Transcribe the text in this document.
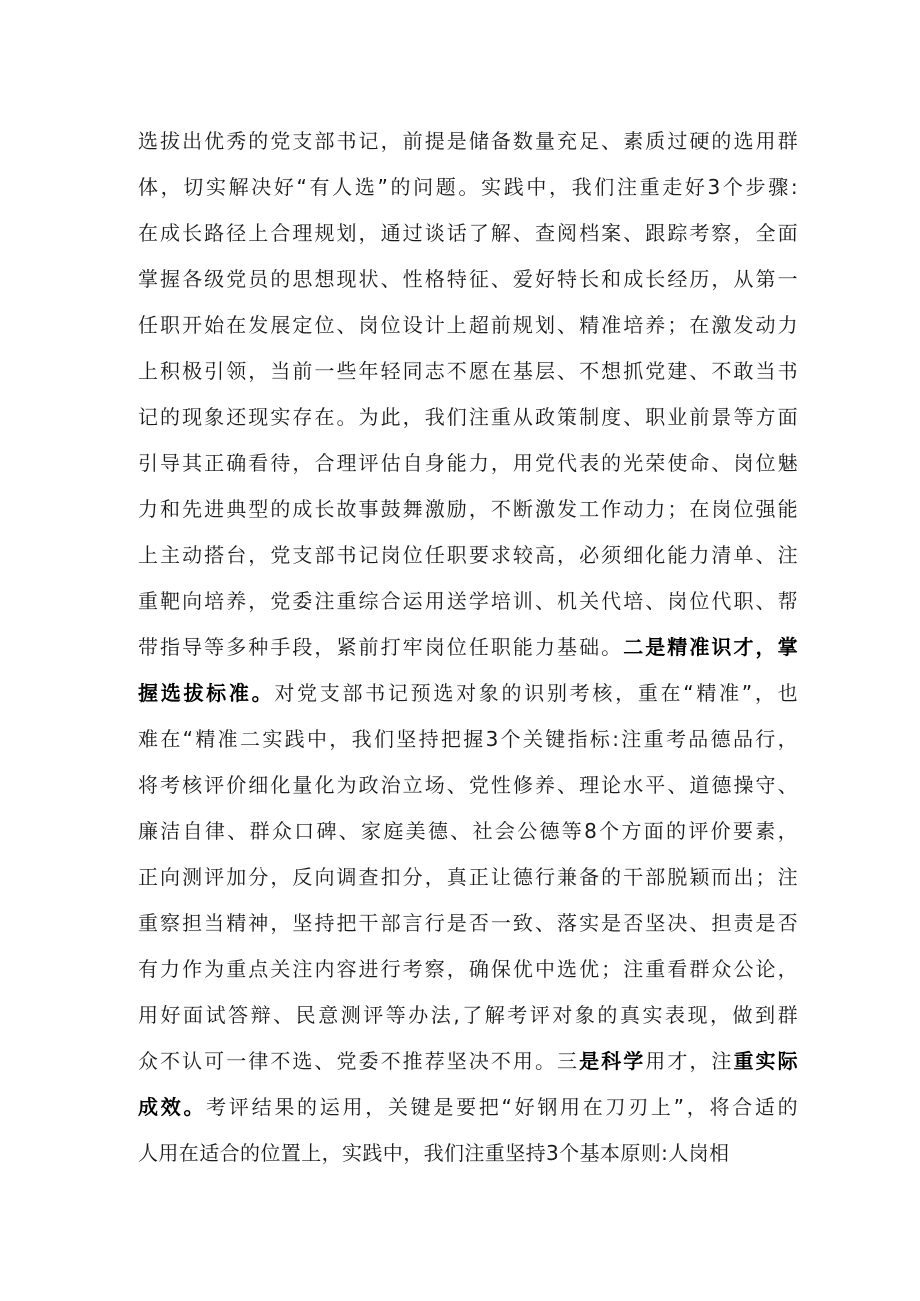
选拔出优秀的党支部书记，前提是储备数量充足、素质过硬的选用群
体，切实解决好“有人选”的问题。实践中，我们注重走好3个步骤:
在成长路径上合理规划，通过谈话了解、查阅档案、跟踪考察，全面
掌握各级党员的思想现状、性格特征、爱好特长和成长经历，从第一
任职开始在发展定位、岗位设计上超前规划、精准培养；在激发动力
上积极引领，当前一些年轻同志不愿在基层、不想抓党建、不敢当书
记的现象还现实存在。为此，我们注重从政策制度、职业前景等方面
引导其正确看待，合理评估自身能力，用党代表的光荣使命、岗位魅
力和先进典型的成长故事鼓舞激励，不断激发工作动力；在岗位强能
上主动搭台，党支部书记岗位任职要求较高，必须细化能力清单、注
重靶向培养，党委注重综合运用送学培训、机关代培、岗位代职、帮
带指导等多种手段，紧前打牢岗位任职能力基础。二是精准识才，掌
握选拔标准。对党支部书记预选对象的识别考核，重在“精准”，也
难在“精准二实践中，我们坚持把握3个关键指标:注重考品德品行，
将考核评价细化量化为政治立场、党性修养、理论水平、道德操守、
廉洁自律、群众口碑、家庭美德、社会公德等8个方面的评价要素，
正向测评加分，反向调查扣分，真正让德行兼备的干部脱颖而出；注
重察担当精神，坚持把干部言行是否一致、落实是否坚决、担责是否
有力作为重点关注内容进行考察，确保优中选优；注重看群众公论，
用好面试答辩、民意测评等办法,了解考评对象的真实表现，做到群
众不认可一律不选、党委不推荐坚决不用。三是科学用才，注重实际
成效。考评结果的运用，关键是要把“好钢用在刀刃上”，将合适的
人用在适合的位置上，实践中，我们注重坚持3个基本原则:人岗相
